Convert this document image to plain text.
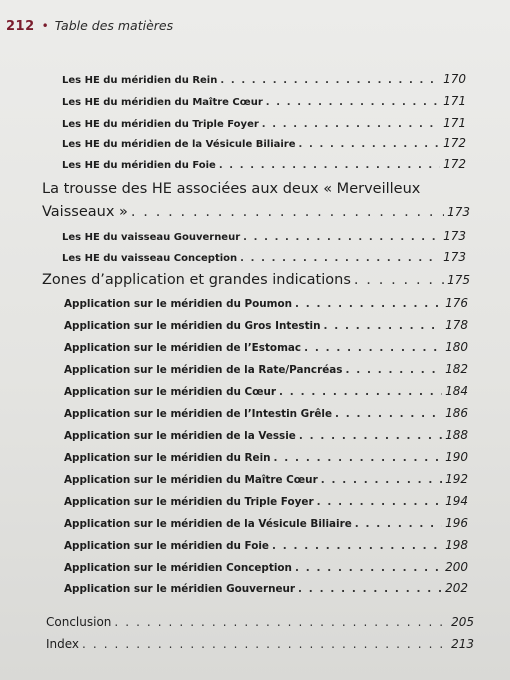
212 • Table des matières
Les HE du méridien du Rein . . .	170
Les HE du méridien du Maître Cœur . . .	171
Les HE du méridien du Triple Foyer . . .	171
Les HE du méridien de la Vésicule Biliaire . . .	172
Les HE du méridien du Foie . . .	172
La trousse des HE associées aux deux « Merveilleux
Vaisseaux » . . .	173
Les HE du vaisseau Gouverneur . . .	173
Les HE du vaisseau Conception . . .	173
Zones d’application et grandes indications . . .	175
Application sur le méridien du Poumon . . .	176
Application sur le méridien du Gros Intestin . . .	178
Application sur le méridien de l’Estomac . . .	180
Application sur le méridien de la Rate/Pancréas . . .	182
Application sur le méridien du Cœur . . .	184
Application sur le méridien de l’Intestin Grêle . . .	186
Application sur le méridien de la Vessie . . .	188
Application sur le méridien du Rein . . .	190
Application sur le méridien du Maître Cœur . . .	192
Application sur le méridien du Triple Foyer . . .	194
Application sur le méridien de la Vésicule Biliaire . . .	196
Application sur le méridien du Foie . . .	198
Application sur le méridien Conception . . .	200
Application sur le méridien Gouverneur . . .	202
Conclusion . . .	205
Index . . .	213
